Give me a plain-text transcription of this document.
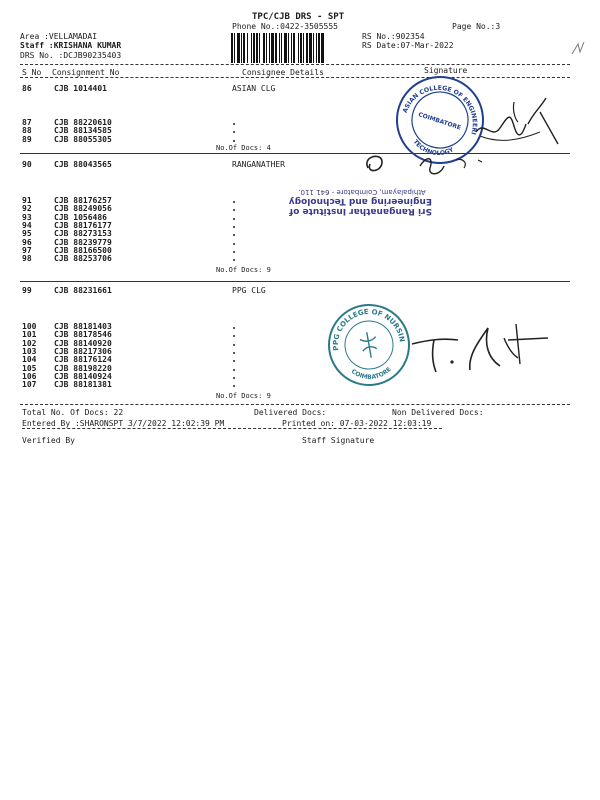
TPC/CJB DRS - SPT
Phone No.:0422-3505555	Page No.:3
Area :VELLAMADAI
Staff :KRISHANA KUMAR
DRS No. :DCJB90235403
RS No.:902354
RS Date:07-Mar-2022
S No Consignment No	Consignee Details	Signature
86	CJB 1014401	ASIAN CLG
87	CJB 88220610
88	CJB 88134585
89	CJB 88055305
No.Of Docs: 4
90	CJB 88043565	RANGANATHER
91	CJB 88176257
92	CJB 88249056
93	CJB 1056486
94	CJB 88176177
95	CJB 88273153
96	CJB 88239779
97	CJB 88166500
98	CJB 88253706
No.Of Docs: 9
99	CJB 88231661	PPG CLG
100 CJB 88181403
101 CJB 88178546
102 CJB 88140920
103 CJB 88217306
104 CJB 88176124
105 CJB 88198220
106 CJB 88140924
107 CJB 88181381
No.Of Docs: 9
ASIAN COLLEGE OF ENGINEERING
TECHNOLOGY
COIMBATORE
Sri Ranganathar Institute of
Engineering and Technology
Athipalayam, Coimbatore - 641 110.
PPG COLLEGE OF NURSING
COIMBATORE
Total No. Of Docs: 22	Delivered Docs:	Non Delivered Docs:
Entered By :SHARONSPT 3/7/2022 12:02:39 PM	Printed on: 07-03-2022 12:03:19
Verified By	Staff Signature
